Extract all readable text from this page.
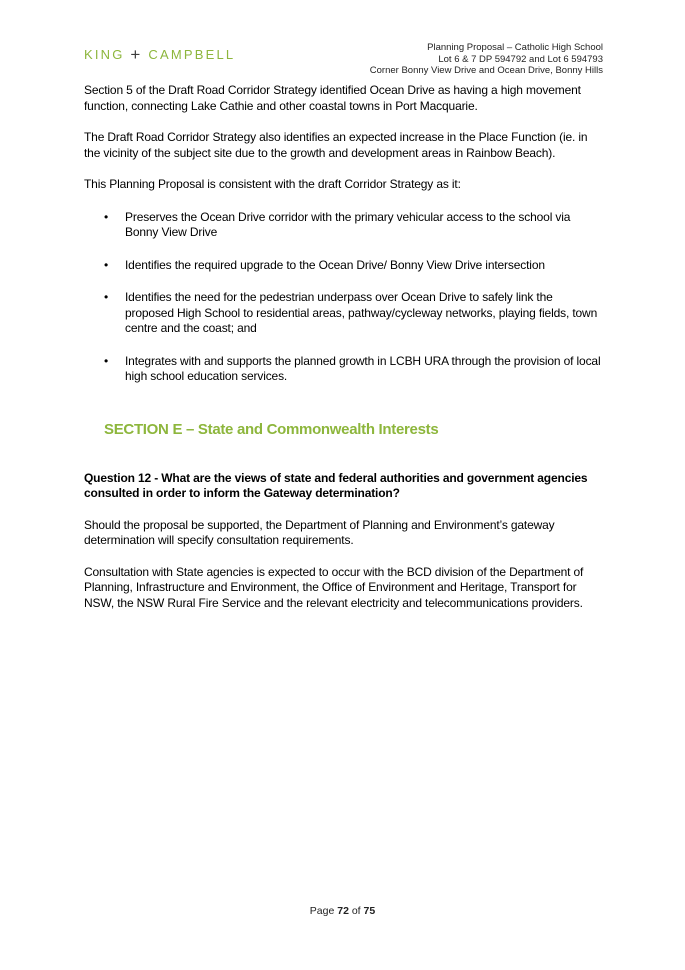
KING + CAMPBELL	Planning Proposal – Catholic High School
Lot 6 & 7 DP 594792 and Lot 6 594793
Corner Bonny View Drive and Ocean Drive, Bonny Hills

Section 5 of the Draft Road Corridor Strategy identified Ocean Drive as having a high movement function, connecting Lake Cathie and other coastal towns in Port Macquarie.

The Draft Road Corridor Strategy also identifies an expected increase in the Place Function (ie. in the vicinity of the subject site due to the growth and development areas in Rainbow Beach).

This Planning Proposal is consistent with the draft Corridor Strategy as it:

• Preserves the Ocean Drive corridor with the primary vehicular access to the school via Bonny View Drive
• Identifies the required upgrade to the Ocean Drive/ Bonny View Drive intersection
• Identifies the need for the pedestrian underpass over Ocean Drive to safely link the proposed High School to residential areas, pathway/cycleway networks, playing fields, town centre and the coast; and
• Integrates with and supports the planned growth in LCBH URA through the provision of local high school education services.

SECTION E – State and Commonwealth Interests

Question 12 - What are the views of state and federal authorities and government agencies consulted in order to inform the Gateway determination?

Should the proposal be supported, the Department of Planning and Environment’s gateway determination will specify consultation requirements.

Consultation with State agencies is expected to occur with the BCD division of the Department of Planning, Infrastructure and Environment, the Office of Environment and Heritage, Transport for NSW, the NSW Rural Fire Service and the relevant electricity and telecommunications providers.

Page 72 of 75
